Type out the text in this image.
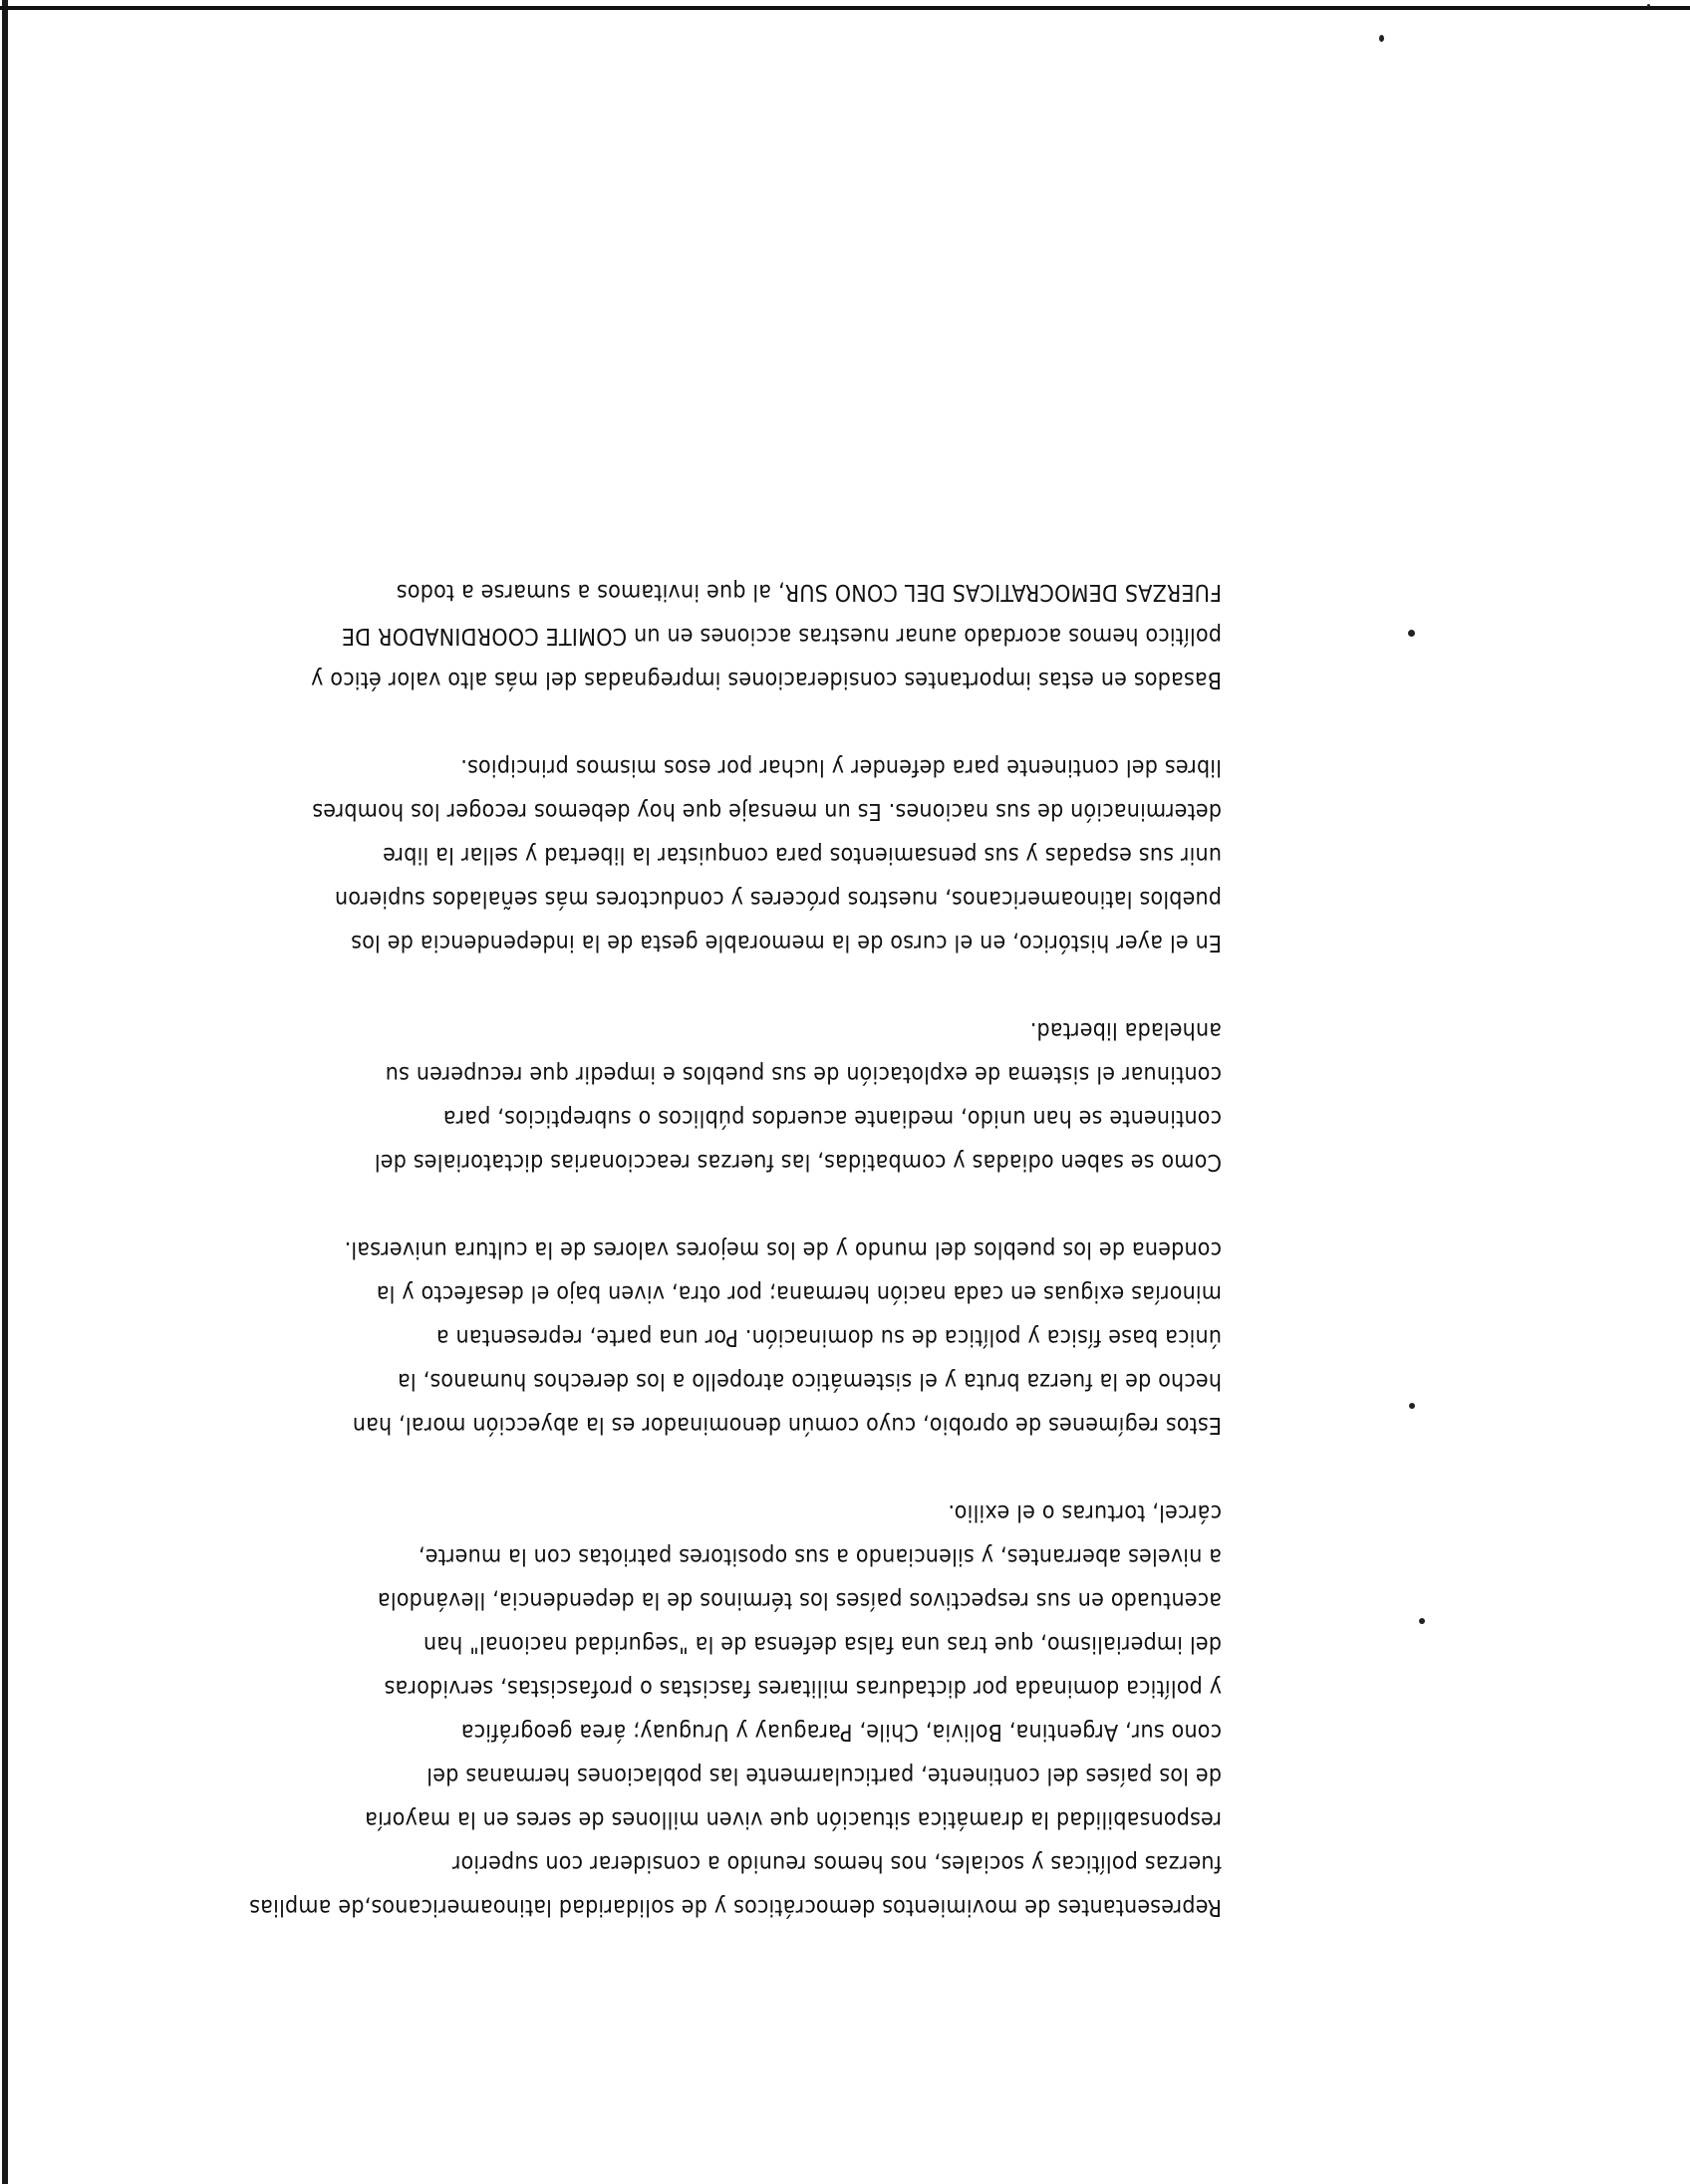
Representantes de movimientos democráticos y de solidaridad latinoamericanos,de amplias
fuerzas políticas y sociales, nos hemos reunido a considerar con superior
responsabilidad la dramática situación que viven millones de seres en la mayoría
de los países del continente, particularmente las poblaciones hermanas del
cono sur, Argentina, Bolivia, Chile, Paraguay y Uruguay; área geográfica
y política dominada por dictaduras militares fascistas o profascistas, servidoras
del imperialismo, que tras una falsa defensa de la "seguridad nacional" han
acentuado en sus respectivos países los términos de la dependencia, llevándola
a niveles aberrantes, y silenciando a sus opositores patriotas con la muerte,
cárcel, torturas o el exilio.
Estos regímenes de oprobio, cuyo común denominador es la abyección moral, han
hecho de la fuerza bruta y el sistemático atropello a los derechos humanos, la
única base física y política de su dominación. Por una parte, representan a
minorías exiguas en cada nación hermana; por otra, viven bajo el desafecto y la
condena de los pueblos del mundo y de los mejores valores de la cultura universal.
Como se saben odiadas y combatidas, las fuerzas reaccionarias dictatoriales del
continente se han unido, mediante acuerdos públicos o subrepticios, para
continuar el sistema de explotación de sus pueblos e impedir que recuperen su
anhelada libertad.
En el ayer histórico, en el curso de la memorable gesta de la independencia de los
pueblos latinoamericanos, nuestros próceres y conductores más señalados supieron
unir sus espadas y sus pensamientos para conquistar la libertad y sellar la libre
determinación de sus naciones. Es un mensaje que hoy debemos recoger los hombres
libres del continente para defender y luchar por esos mismos principios.
Basados en estas importantes consideraciones impregnadas del más alto valor ético y
político hemos acordado aunar nuestras acciones en un COMITE COORDINADOR DE
FUERZAS DEMOCRATICAS DEL CONO SUR, al que invitamos a sumarse a todos
